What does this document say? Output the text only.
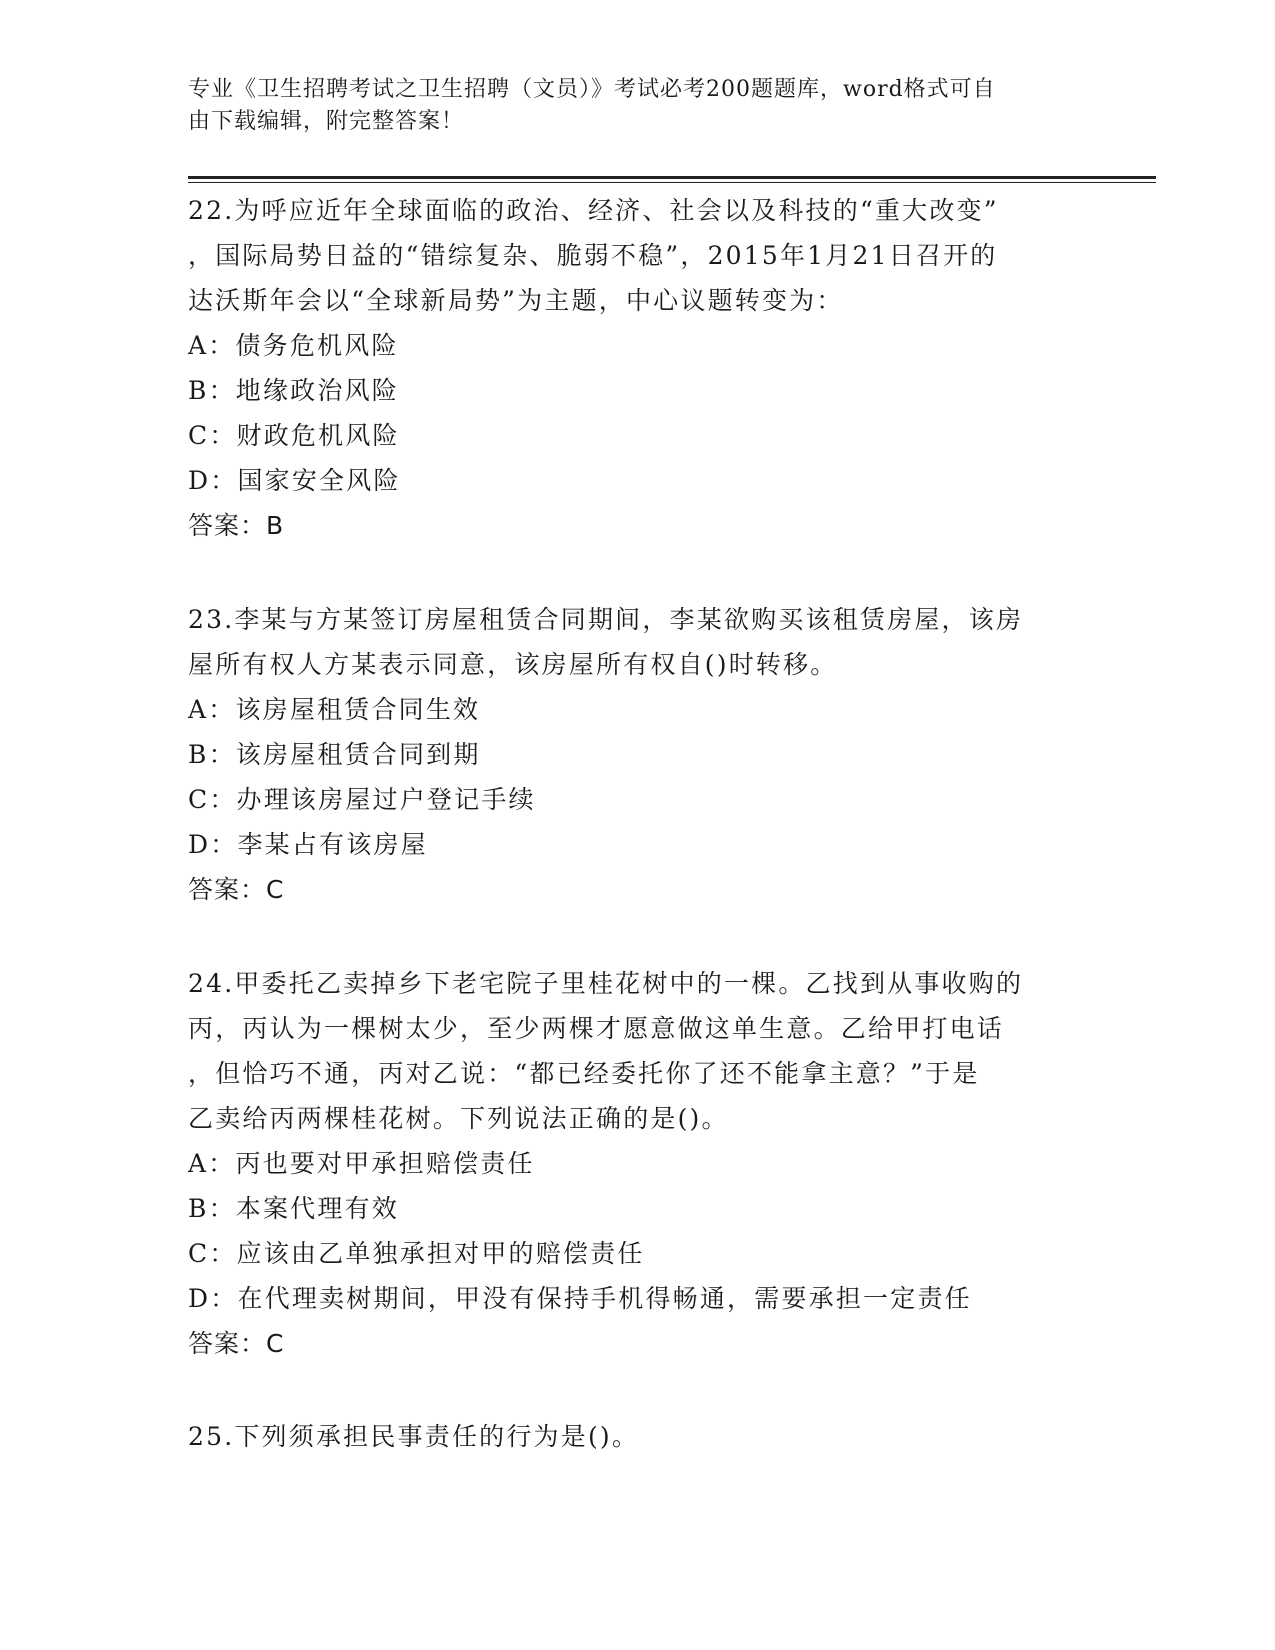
专业《卫生招聘考试之卫生招聘（文员）》考试必考200题题库，word格式可自
由下载编辑，附完整答案！

22.为呼应近年全球面临的政治、经济、社会以及科技的“重大改变”

，国际局势日益的“错综复杂、脆弱不稳”，2015年1月21日召开的

达沃斯年会以“全球新局势”为主题，中心议题转变为：

A：债务危机风险

B：地缘政治风险

C：财政危机风险

D：国家安全风险

答案：B

23.李某与方某签订房屋租赁合同期间，李某欲购买该租赁房屋，该房

屋所有权人方某表示同意，该房屋所有权自()时转移。

A：该房屋租赁合同生效

B：该房屋租赁合同到期

C：办理该房屋过户登记手续

D：李某占有该房屋

答案：C

24.甲委托乙卖掉乡下老宅院子里桂花树中的一棵。乙找到从事收购的

丙，丙认为一棵树太少，至少两棵才愿意做这单生意。乙给甲打电话

，但恰巧不通，丙对乙说：“都已经委托你了还不能拿主意？”于是

乙卖给丙两棵桂花树。下列说法正确的是()。

A：丙也要对甲承担赔偿责任

B：本案代理有效

C：应该由乙单独承担对甲的赔偿责任

D：在代理卖树期间，甲没有保持手机得畅通，需要承担一定责任

答案：C

25.下列须承担民事责任的行为是()。
